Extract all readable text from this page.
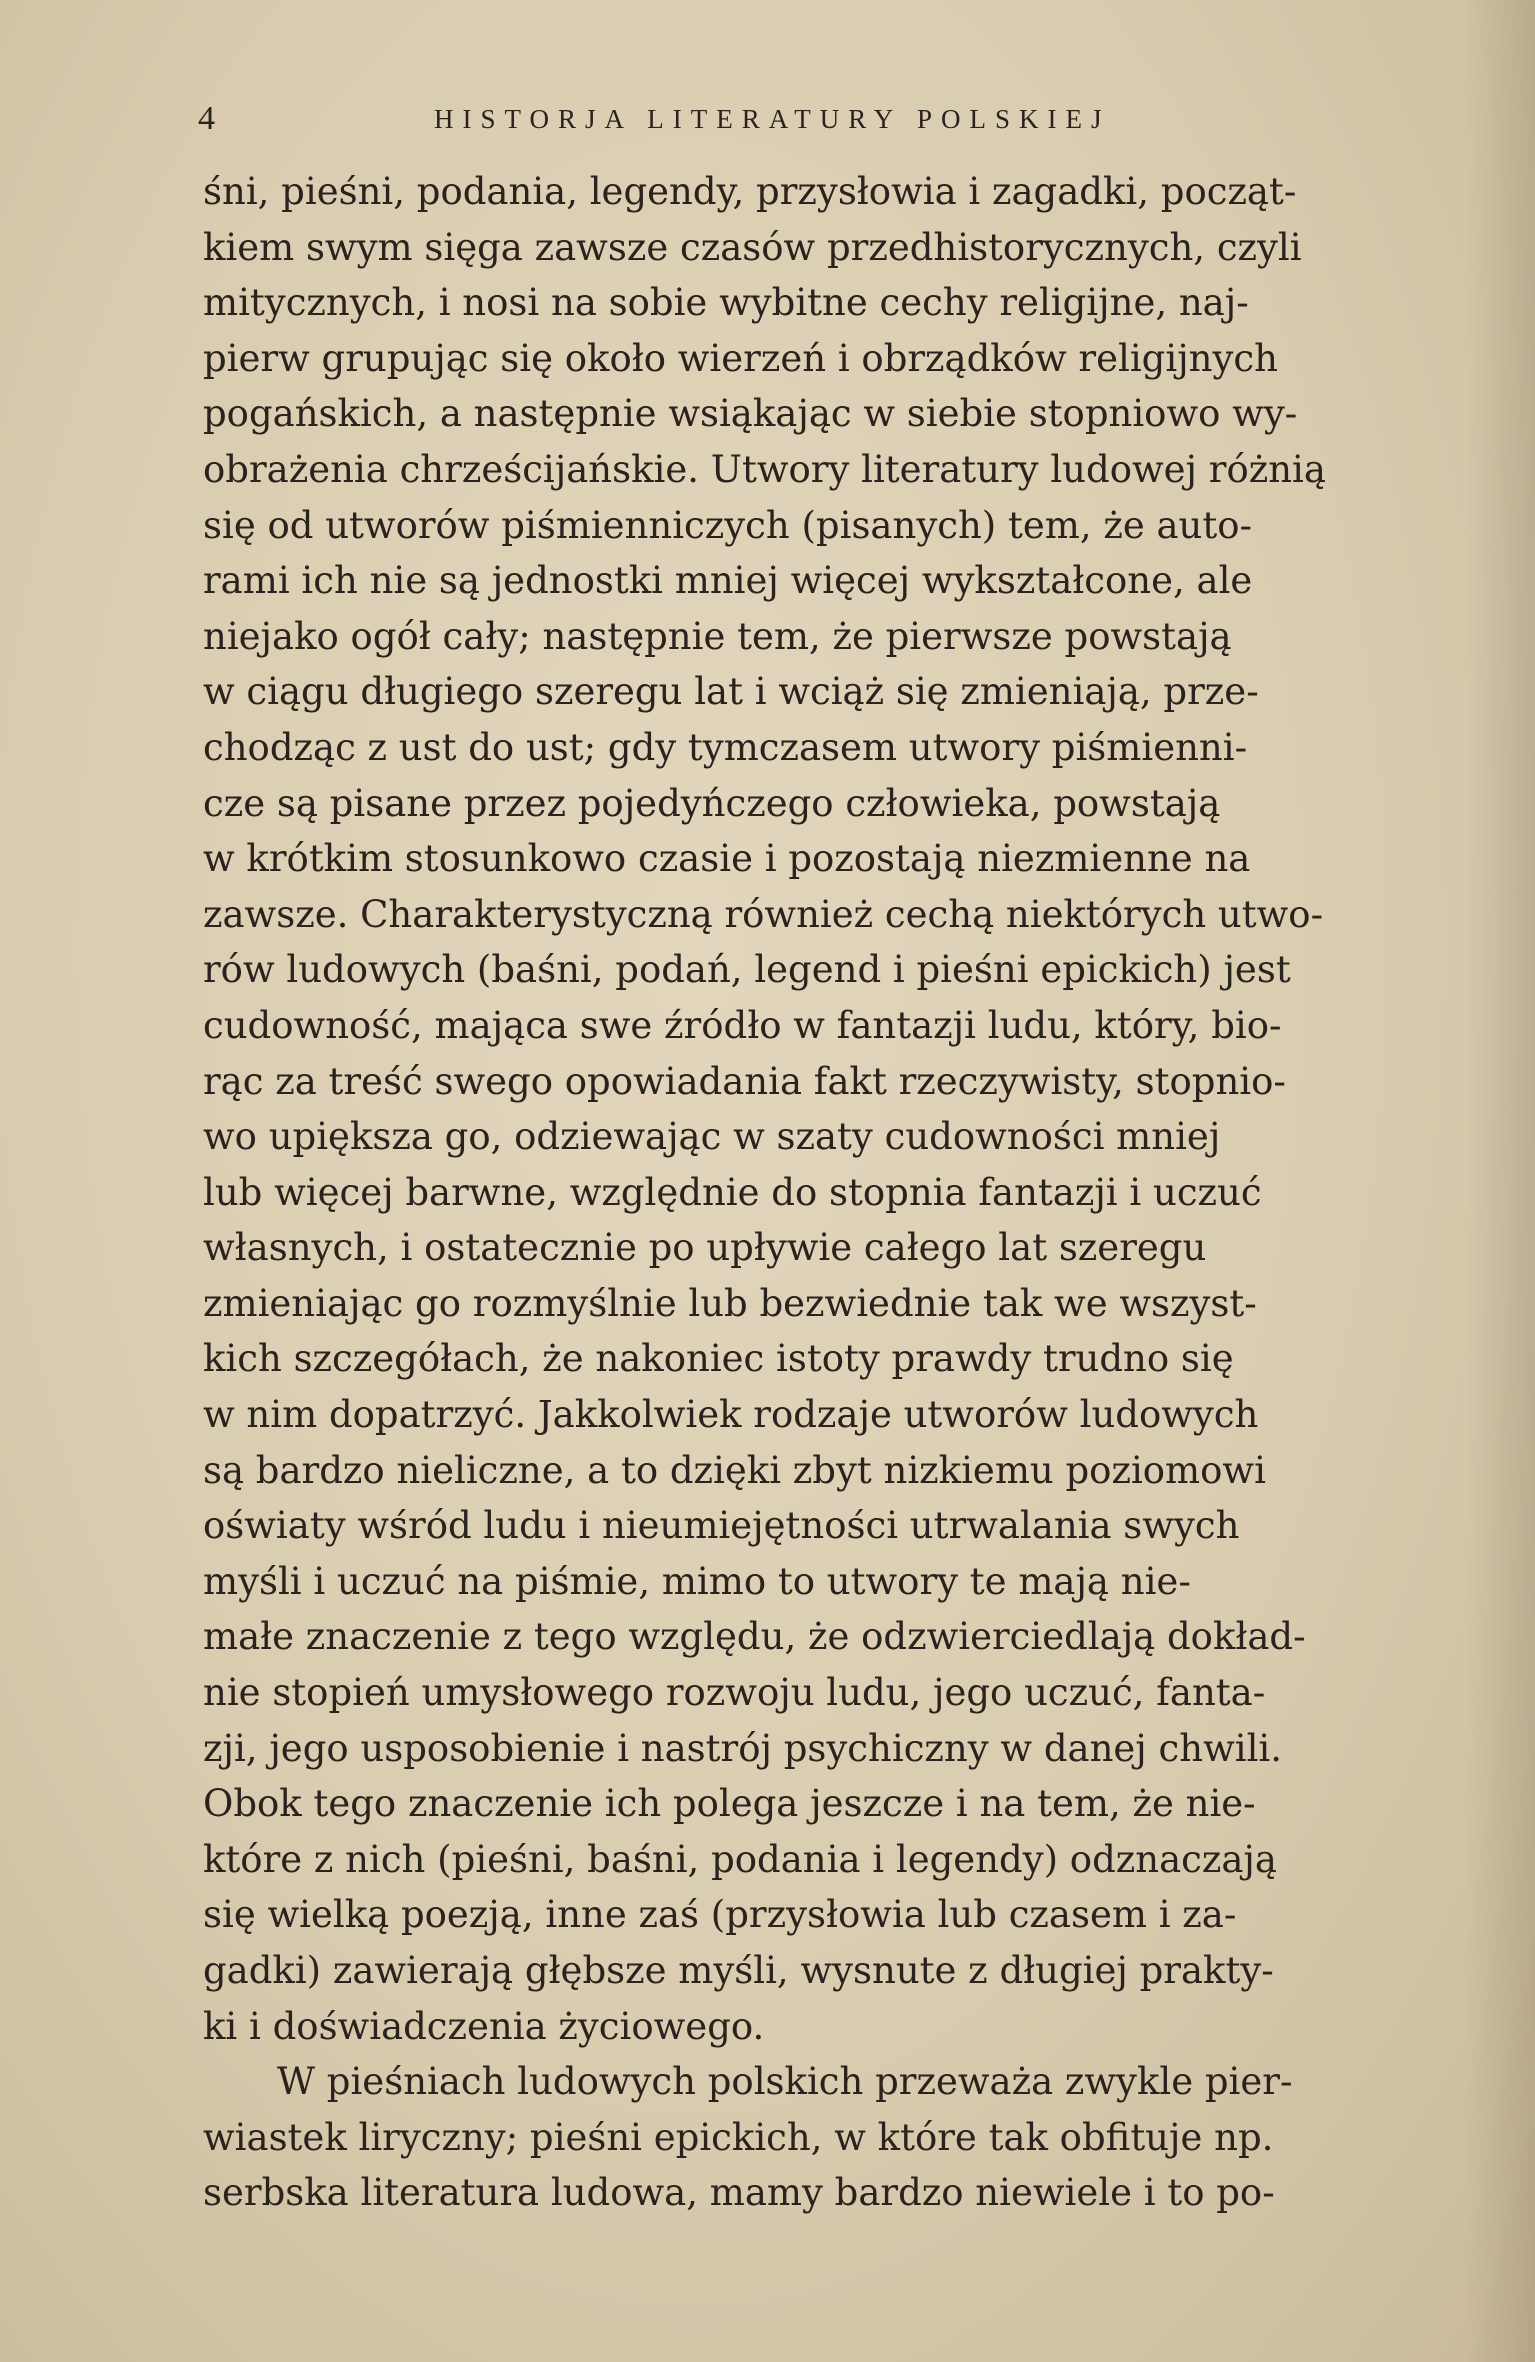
4	HISTORJA LITERATURY POLSKIEJ
śni, pieśni, podania, legendy, przysłowia i zagadki, począt-
kiem swym sięga zawsze czasów przedhistorycznych, czyli
mitycznych, i nosi na sobie wybitne cechy religijne, naj-
pierw grupując się około wierzeń i obrządków religijnych
pogańskich, a następnie wsiąkając w siebie stopniowo wy-
obrażenia chrześcijańskie. Utwory literatury ludowej różnią
się od utworów piśmienniczych (pisanych) tem, że auto-
rami ich nie są jednostki mniej więcej wykształcone, ale
niejako ogół cały; następnie tem, że pierwsze powstają
w ciągu długiego szeregu lat i wciąż się zmieniają, prze-
chodząc z ust do ust; gdy tymczasem utwory piśmienni-
cze są pisane przez pojedyńczego człowieka, powstają
w krótkim stosunkowo czasie i pozostają niezmienne na
zawsze. Charakterystyczną również cechą niektórych utwo-
rów ludowych (baśni, podań, legend i pieśni epickich) jest
cudowność, mająca swe źródło w fantazji ludu, który, bio-
rąc za treść swego opowiadania fakt rzeczywisty, stopnio-
wo upiększa go, odziewając w szaty cudowności mniej
lub więcej barwne, względnie do stopnia fantazji i uczuć
własnych, i ostatecznie po upływie całego lat szeregu
zmieniając go rozmyślnie lub bezwiednie tak we wszyst-
kich szczegółach, że nakoniec istoty prawdy trudno się
w nim dopatrzyć. Jakkolwiek rodzaje utworów ludowych
są bardzo nieliczne, a to dzięki zbyt nizkiemu poziomowi
oświaty wśród ludu i nieumiejętności utrwalania swych
myśli i uczuć na piśmie, mimo to utwory te mają nie-
małe znaczenie z tego względu, że odzwierciedlają dokład-
nie stopień umysłowego rozwoju ludu, jego uczuć, fanta-
zji, jego usposobienie i nastrój psychiczny w danej chwili.
Obok tego znaczenie ich polega jeszcze i na tem, że nie-
które z nich (pieśni, baśni, podania i legendy) odznaczają
się wielką poezją, inne zaś (przysłowia lub czasem i za-
gadki) zawierają głębsze myśli, wysnute z długiej prakty-
ki i doświadczenia życiowego.
W pieśniach ludowych polskich przeważa zwykle pier-
wiastek liryczny; pieśni epickich, w które tak obfituje np.
serbska literatura ludowa, mamy bardzo niewiele i to po-
